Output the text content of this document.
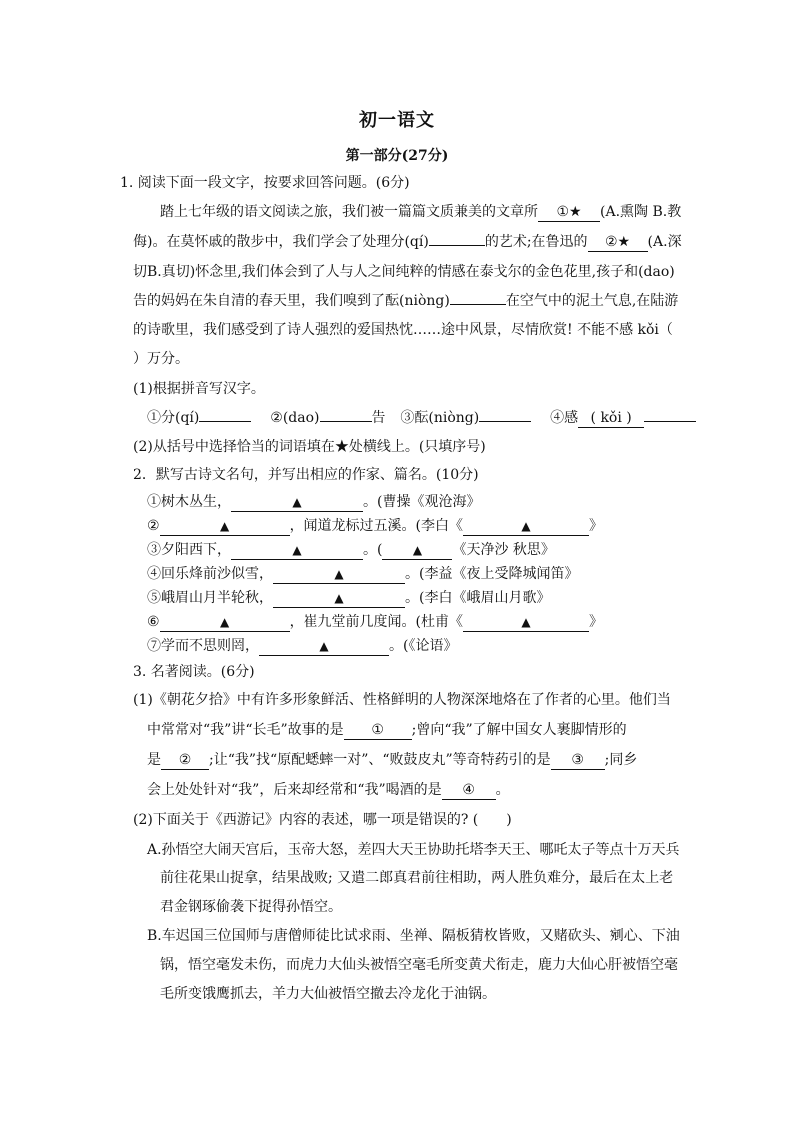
初一语文
第一部分(27分)
1. 阅读下面一段文字，按要求回答问题。(6分)
踏上七年级的语文阅读之旅，我们被一篇篇文质兼美的文章所 ①★ (A.熏陶 B.教
侮)。在莫怀戚的散步中，我们学会了处理分(qí)	的艺术;在鲁迅的 ②★ (A.深
切B.真切)怀念里,我们体会到了人与人之间纯粹的情感在泰戈尔的金色花里,孩子和(dao)
告的妈妈在朱自清的春天里，我们嗅到了酝(niòng)	在空气中的泥土气息,在陆游
的诗歌里，我们感受到了诗人强烈的爱国热忱……途中风景，尽情欣赏! 不能不感 kǒi（
）万分。
(1)根据拼音写汉字。
①分(qí)	②(dao)	告 ③酝(niòng)	④感 ( kǒi )
(2)从括号中选择恰当的词语填在★处横线上。(只填序号)
2．默写古诗文名句，并写出相应的作家、篇名。(10分)
①树木丛生，	▲	。(曹操《观沧海》
②	▲	，闻道龙标过五溪。(李白《	▲	》
③夕阳西下，	▲	。(	▲ 《天净沙 秋思》
④回乐烽前沙似雪，	▲	。(李益《夜上受降城闻笛》
⑤峨眉山月半轮秋，	▲	。(李白《峨眉山月歌》
⑥	▲	，崔九堂前几度闻。(杜甫《	▲	》
⑦学而不思则罔，	▲	。(《论语》
3. 名著阅读。(6分)
(1)《朝花夕拾》中有许多形象鲜活、性格鲜明的人物深深地烙在了作者的心里。他们当
中常常对“我”讲“长毛”故事的是 ① ;曾向“我”了解中国女人裹脚情形的
是 ② ;让“我”找“原配蟋蟀一对”、“败鼓皮丸”等奇特药引的是 ③ ;同乡
会上处处针对“我”，后来却经常和“我”喝酒的是 ④ 。
(2)下面关于《西游记》内容的表述，哪一项是错误的? (　　)
A.孙悟空大闹天宫后，玉帝大怒，差四大天王协助托塔李天王、哪吒太子等点十万天兵
前往花果山捉拿，结果战败; 又遣二郎真君前往相助，两人胜负难分，最后在太上老
君金钢琢偷袭下捉得孙悟空。
B.车迟国三位国师与唐僧师徒比试求雨、坐禅、隔板猜枚皆败，又赌砍头、剜心、下油
锅，悟空毫发未伤，而虎力大仙头被悟空毫毛所变黄犬衔走，鹿力大仙心肝被悟空毫
毛所变饿鹰抓去，羊力大仙被悟空撤去冷龙化于油锅。
